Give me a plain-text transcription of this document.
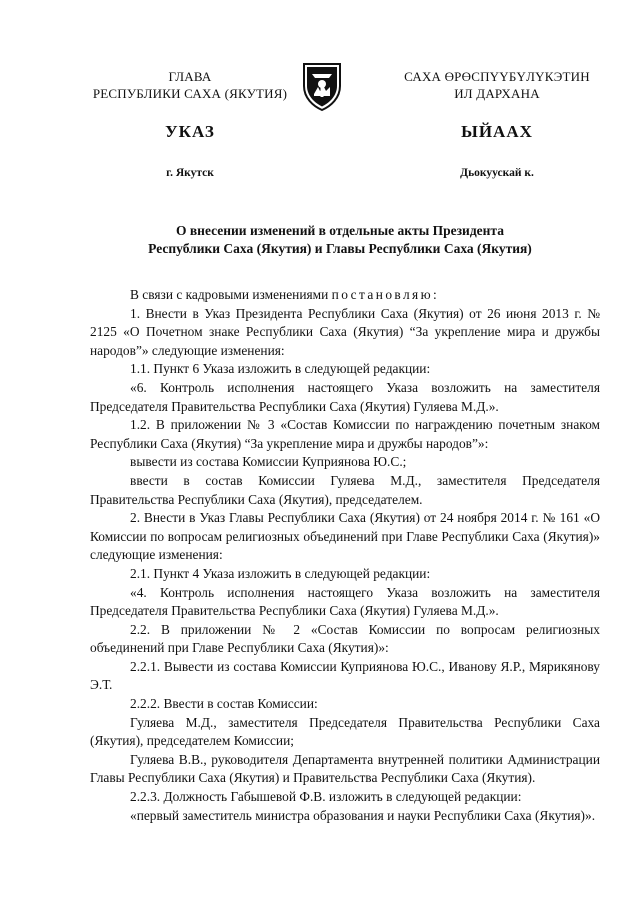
ГЛАВА
РЕСПУБЛИКИ САХА (ЯКУТИЯ)
УКАЗ
г. Якутск
САХА ӨРӨСПҮҮБҮЛҮКЭТИН
ИЛ ДАРХАНА
ЫЙААХ
Дьокуускай к.
О внесении изменений в отдельные акты Президента
Республики Саха (Якутия) и Главы Республики Саха (Якутия)

В связи с кадровыми изменениями постановляю:

1. Внести в Указ Президента Республики Саха (Якутия) от 26 июня 2013 г. № 2125 «О Почетном знаке Республики Саха (Якутия) “За укрепление мира и дружбы народов”» следующие изменения:

1.1. Пункт 6 Указа изложить в следующей редакции:

«6. Контроль исполнения настоящего Указа возложить на заместителя Председателя Правительства Республики Саха (Якутия) Гуляева М.Д.».

1.2. В приложении № 3 «Состав Комиссии по награждению почетным знаком Республики Саха (Якутия) “За укрепление мира и дружбы народов”»:

вывести из состава Комиссии Куприянова Ю.С.;

ввести в состав Комиссии Гуляева М.Д., заместителя Председателя Правительства Республики Саха (Якутия), председателем.

2. Внести в Указ Главы Республики Саха (Якутия) от 24 ноября 2014 г. № 161 «О Комиссии по вопросам религиозных объединений при Главе Республики Саха (Якутия)» следующие изменения:

2.1. Пункт 4 Указа изложить в следующей редакции:

«4. Контроль исполнения настоящего Указа возложить на заместителя Председателя Правительства Республики Саха (Якутия) Гуляева М.Д.».

2.2. В приложении № 2 «Состав Комиссии по вопросам религиозных объединений при Главе Республики Саха (Якутия)»:

2.2.1. Вывести из состава Комиссии Куприянова Ю.С., Иванову Я.Р., Мярикянову Э.Т.

2.2.2. Ввести в состав Комиссии:

Гуляева М.Д., заместителя Председателя Правительства Республики Саха (Якутия), председателем Комиссии;

Гуляева В.В., руководителя Департамента внутренней политики Администрации Главы Республики Саха (Якутия) и Правительства Республики Саха (Якутия).

2.2.3. Должность Габышевой Ф.В. изложить в следующей редакции:

«первый заместитель министра образования и науки Республики Саха (Якутия)».
